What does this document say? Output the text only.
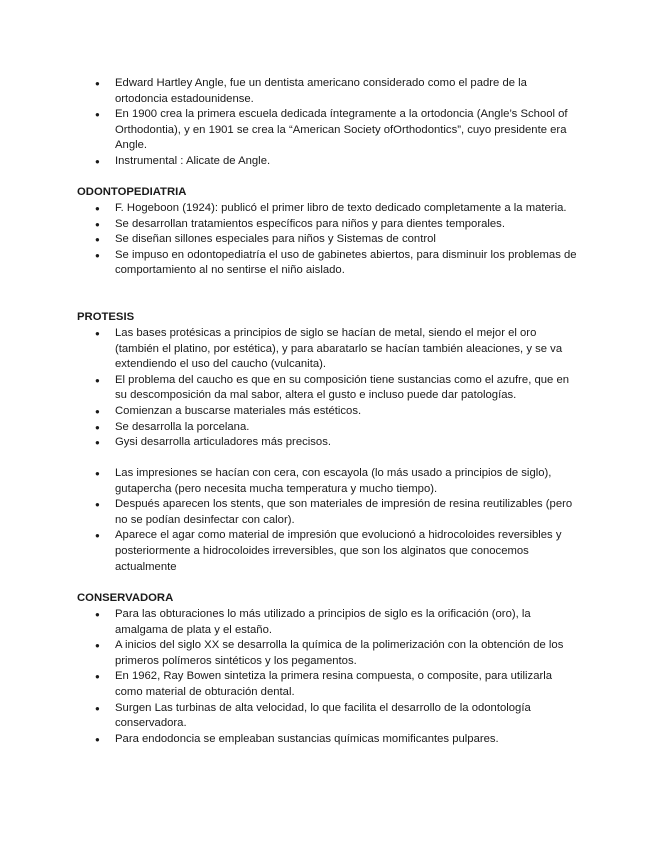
● Edward Hartley Angle, fue un dentista americano considerado como el padre de la ortodoncia estadounidense.
● En 1900 crea la primera escuela dedicada íntegramente a la ortodoncia (Angle’s School of Orthodontia), y en 1901 se crea la “American Society ofOrthodontics”, cuyo presidente era Angle.
● Instrumental : Alicate de Angle.
ODONTOPEDIATRIA
● F. Hogeboon (1924): publicó el primer libro de texto dedicado completamente a la materia.
● Se desarrollan tratamientos específicos para niños y para dientes temporales.
● Se diseñan sillones especiales para niños y Sistemas de control
● Se impuso en odontopediatría el uso de gabinetes abiertos, para disminuir los problemas de comportamiento al no sentirse el niño aislado.
PROTESIS
● Las bases protésicas a principios de siglo se hacían de metal, siendo el mejor el oro (también el platino, por estética), y para abaratarlo se hacían también aleaciones, y se va extendiendo el uso del caucho (vulcanita).
● El problema del caucho es que en su composición tiene sustancias como el azufre, que en su descomposición da mal sabor, altera el gusto e incluso puede dar patologías.
● Comienzan a buscarse materiales más estéticos.
● Se desarrolla la porcelana.
● Gysi desarrolla articuladores más precisos.
● Las impresiones se hacían con cera, con escayola (lo más usado a principios de siglo), gutapercha (pero necesita mucha temperatura y mucho tiempo).
● Después aparecen los stents, que son materiales de impresión de resina reutilizables (pero no se podían desinfectar con calor).
● Aparece el agar como material de impresión que evolucionó a hidrocoloides reversibles y posteriormente a hidrocoloides irreversibles, que son los alginatos que conocemos actualmente
CONSERVADORA
● Para las obturaciones lo más utilizado a principios de siglo es la orificación (oro), la amalgama de plata y el estaño.
● A inicios del siglo XX se desarrolla la química de la polimerización con la obtención de los primeros polímeros sintéticos y los pegamentos.
● En 1962, Ray Bowen sintetiza la primera resina compuesta, o composite, para utilizarla como material de obturación dental.
● Surgen Las turbinas de alta velocidad, lo que facilita el desarrollo de la odontología conservadora.
● Para endodoncia se empleaban sustancias químicas momificantes pulpares.
